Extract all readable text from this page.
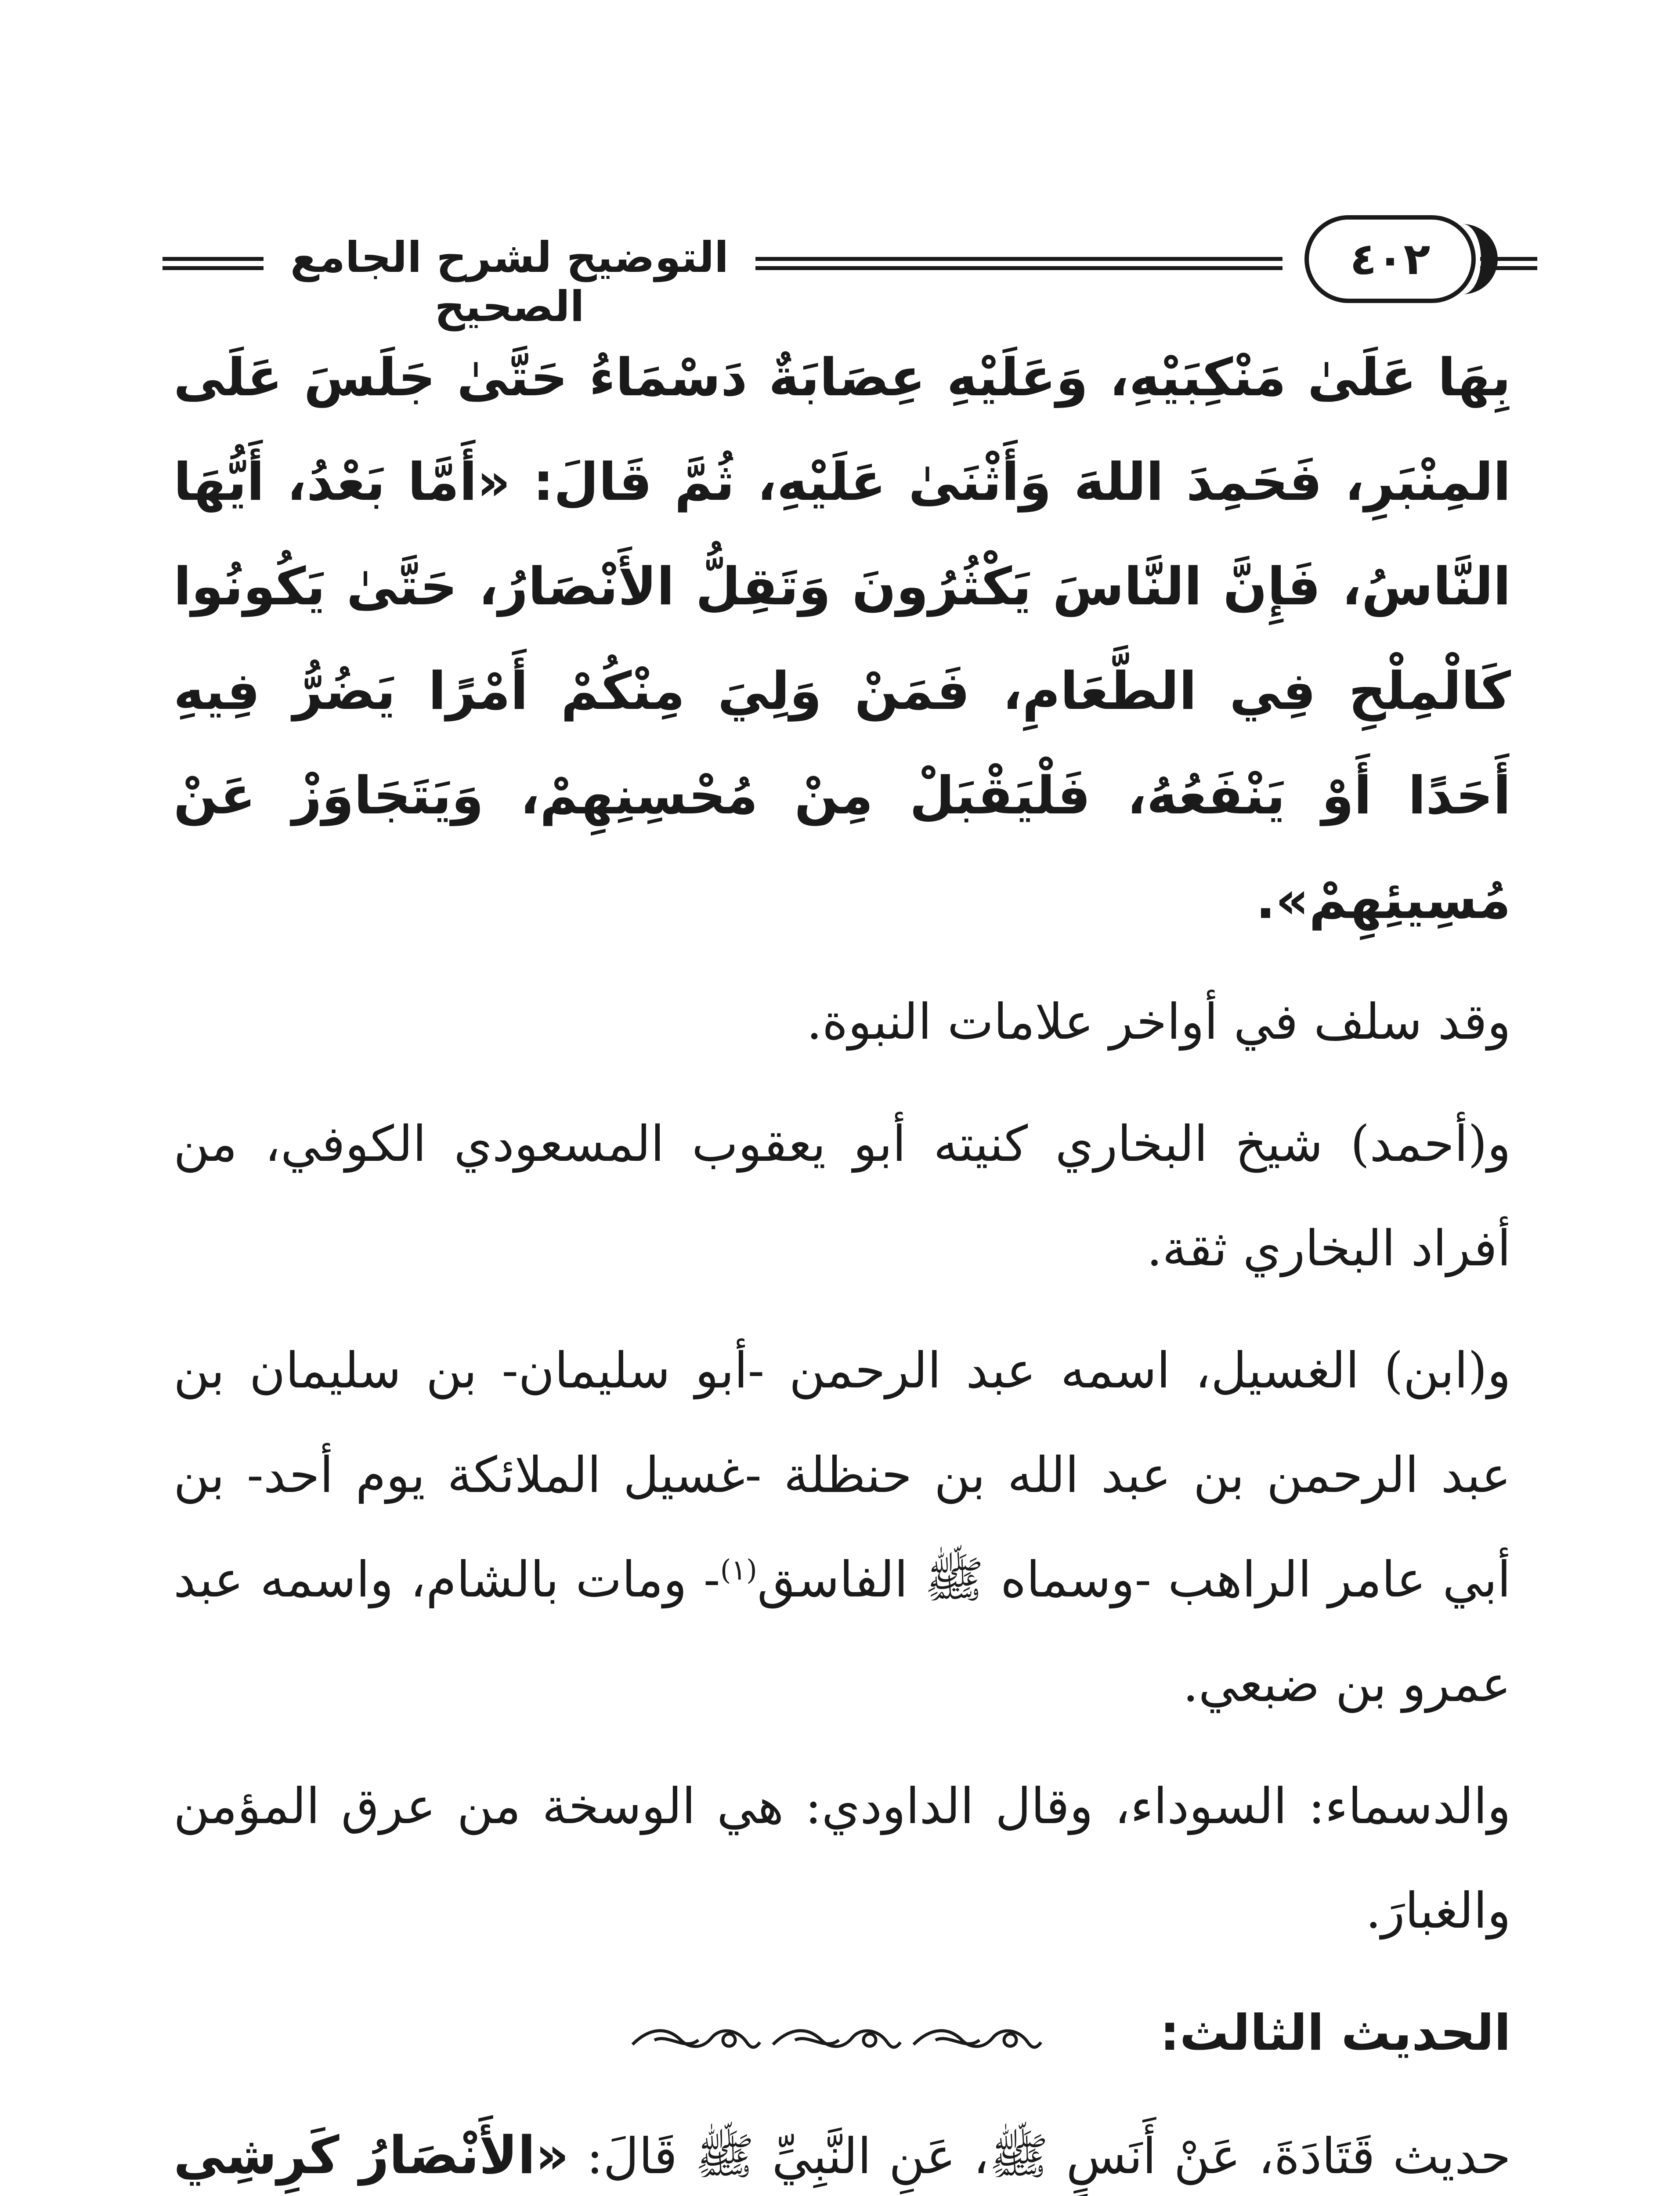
التوضيح لشرح الجامع الصحيح
٤٠٢

بِهَا عَلَىٰ مَنْكِبَيْهِ، وَعَلَيْهِ عِصَابَةٌ دَسْمَاءُ حَتَّىٰ جَلَسَ عَلَى المِنْبَرِ، فَحَمِدَ اللهَ وَأَثْنَىٰ عَلَيْهِ، ثُمَّ قَالَ: «أَمَّا بَعْدُ، أَيُّهَا النَّاسُ، فَإِنَّ النَّاسَ يَكْثُرُونَ وَتَقِلُّ الأَنْصَارُ، حَتَّىٰ يَكُونُوا كَالْمِلْحِ فِي الطَّعَامِ، فَمَنْ وَلِيَ مِنْكُمْ أَمْرًا يَضُرُّ فِيهِ أَحَدًا أَوْ يَنْفَعُهُ، فَلْيَقْبَلْ مِنْ مُحْسِنِهِمْ، وَيَتَجَاوَزْ عَنْ مُسِيئِهِمْ».

وقد سلف في أواخر علامات النبوة.

و(أحمد) شيخ البخاري كنيته أبو يعقوب المسعودي الكوفي، من أفراد البخاري ثقة.

و(ابن) الغسيل، اسمه عبد الرحمن -أبو سليمان- بن سليمان بن عبد الرحمن بن عبد الله بن حنظلة -غسيل الملائكة يوم أحد- بن أبي عامر الراهب -وسماه ﷺ الفاسق$^{(١)}$- ومات بالشام، واسمه عبد عمرو بن ضبعي.

والدسماء: السوداء، وقال الداودي: هي الوسخة من عرق المؤمن والغبارَ.

الحديث الثالث:

حديث قَتَادَةَ، عَنْ أَنَسٍ ﷺ، عَنِ النَّبِيِّ ﷺ قَالَ: «الأَنْصَارُ كَرِشِي
